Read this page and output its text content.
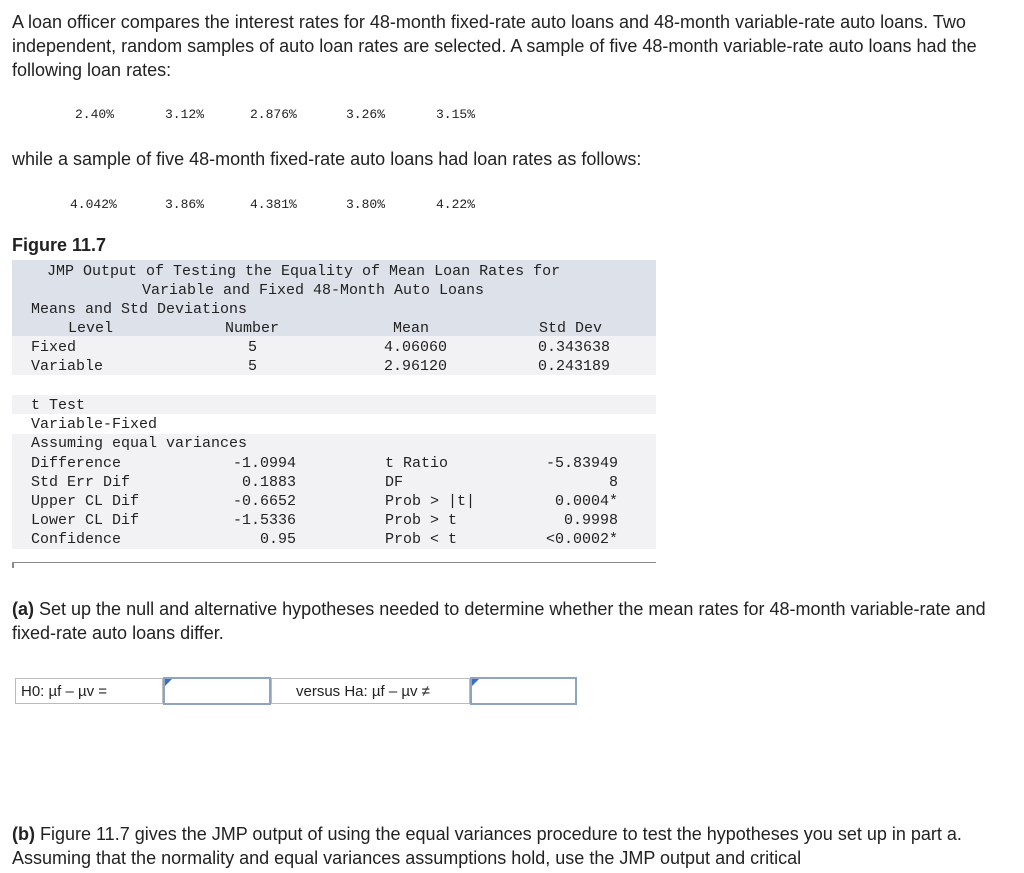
A loan officer compares the interest rates for 48-month fixed-rate auto loans and 48-month variable-rate auto loans. Two independent, random samples of auto loan rates are selected. A sample of five 48-month variable-rate auto loans had the following loan rates:
2.40%	3.12%	2.876%	3.26%	3.15%
while a sample of five 48-month fixed-rate auto loans had loan rates as follows:
4.042%	3.86%	4.381%	3.80%	4.22%
Figure 11.7
JMP Output of Testing the Equality of Mean Loan Rates for
Variable and Fixed 48-Month Auto Loans
Means and Std Deviations
Level	Number	Mean	Std Dev
Fixed	5	4.06060	0.343638
Variable	5	2.96120	0.243189
t Test
Variable-Fixed
Assuming equal variances
Difference	-1.0994	t Ratio	-5.83949
Std Err Dif	0.1883	DF	8
Upper CL Dif	-0.6652	Prob > |t|	0.0004*
Lower CL Dif	-1.5336	Prob > t	0.9998
Confidence	0.95	Prob < t	<0.0002*
(a) Set up the null and alternative hypotheses needed to determine whether the mean rates for 48-month variable-rate and fixed-rate auto loans differ.
H0: µf – µv =	versus Ha: µf – µv ≠
(b) Figure 11.7 gives the JMP output of using the equal variances procedure to test the hypotheses you set up in part a. Assuming that the normality and equal variances assumptions hold, use the JMP output and critical
